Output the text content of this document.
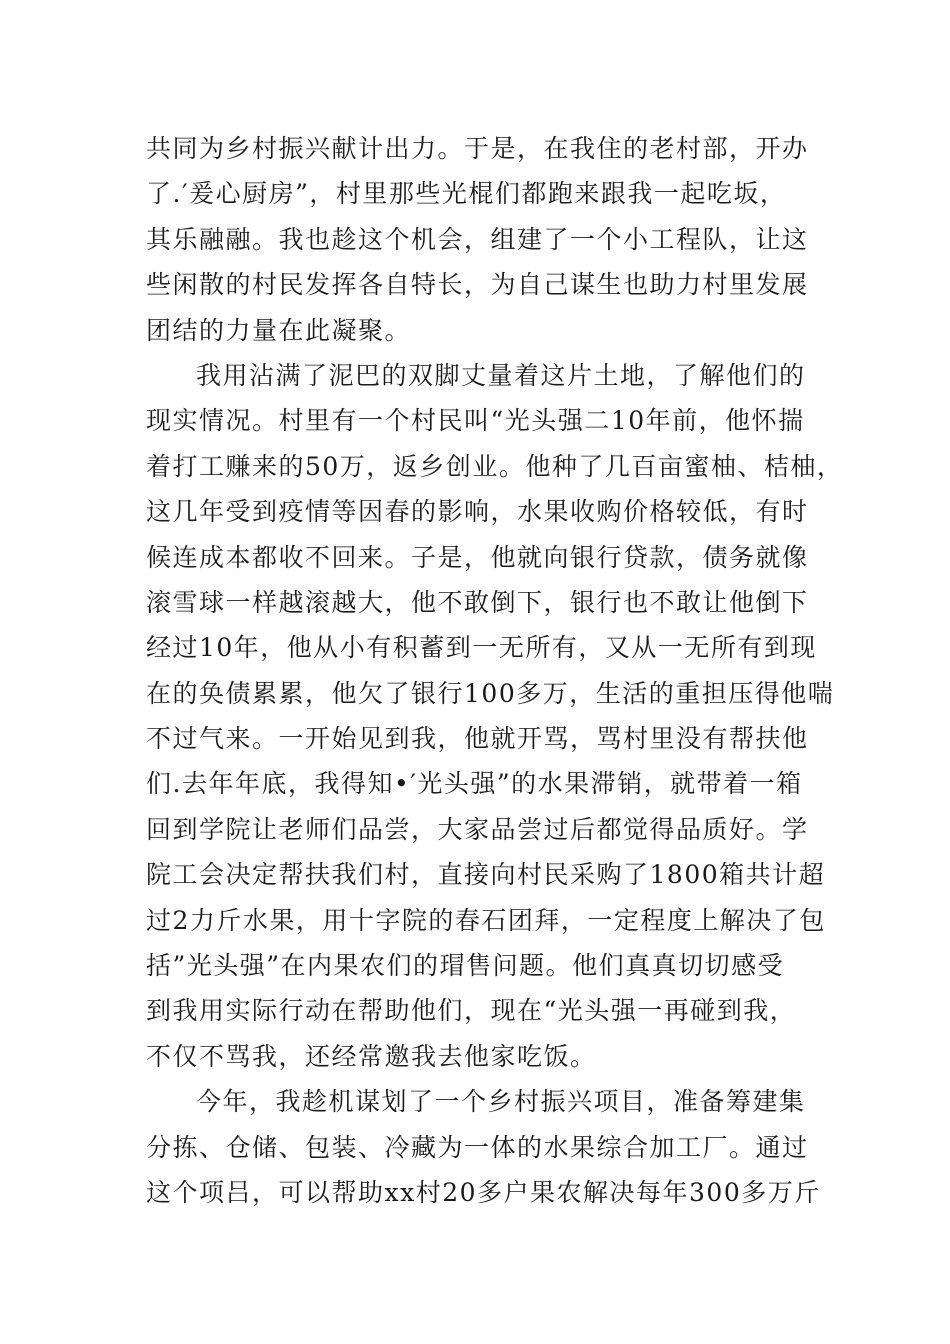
共同为乡村振兴献计出力。于是，在我住的老村部，开办
了.′爰心厨房”，村里那些光棍们都跑来跟我一起吃坂，
其乐融融。我也趁这个机会，组建了一个小工程队，让这
些闲散的村民发挥各自特长，为自己谋生也助力村里发展
团结的力量在此凝聚。
我用沾满了泥巴的双脚丈量着这片土地，了解他们的
现实情况。村里有一个村民叫“光头强二10年前，他怀揣
着打工赚来的50万，返乡创业。他种了几百亩蜜柚、桔柚，
这几年受到疫情等因春的影响，水果收购价格较低，有时
候连成本都收不回来。子是，他就向银行贷款，债务就像
滚雪球一样越滚越大，他不敢倒下，银行也不敢让他倒下
经过10年，他从小有积蓄到一无所有，又从一无所有到现
在的奂债累累，他欠了银行100多万，生活的重担压得他喘
不过气来。一开始见到我，他就开骂，骂村里没有帮扶他
们.去年年底，我得知•′光头强”的水果滞销，就带着一箱
回到学院让老师们品尝，大家品尝过后都觉得品质好。学
院工会决定帮扶我们村，直接向村民采购了1800箱共计超
过2力斤水果，用十字院的春石团拜，一定程度上解决了包
括”光头强”在内果农们的瑁售问题。他们真真切切感受
到我用实际行动在帮助他们，现在“光头强一再碰到我，
不仅不骂我，还经常邀我去他家吃饭。
今年，我趁机谋划了一个乡村振兴项目，准备筹建集
分拣、仓储、包装、冷藏为一体的水果综合加工厂。通过
这个项吕，可以帮助xx村20多户果农解决每年300多万斤
